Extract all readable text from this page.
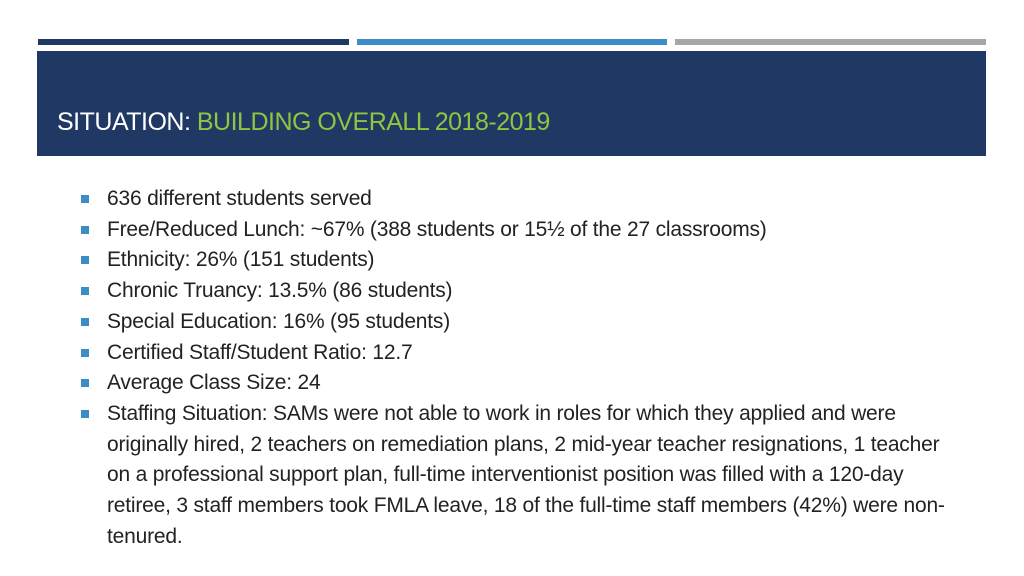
SITUATION: BUILDING OVERALL 2018-2019
636 different students served
Free/Reduced Lunch: ~67% (388 students or 15½ of the 27 classrooms)
Ethnicity: 26% (151 students)
Chronic Truancy: 13.5% (86 students)
Special Education: 16% (95 students)
Certified Staff/Student Ratio: 12.7
Average Class Size: 24
Staffing Situation: SAMs were not able to work in roles for which they applied and were originally hired, 2 teachers on remediation plans, 2 mid-year teacher resignations, 1 teacher on a professional support plan, full-time interventionist position was filled with a 120-day retiree, 3 staff members took FMLA leave, 18 of the full-time staff members (42%) were non-tenured.
